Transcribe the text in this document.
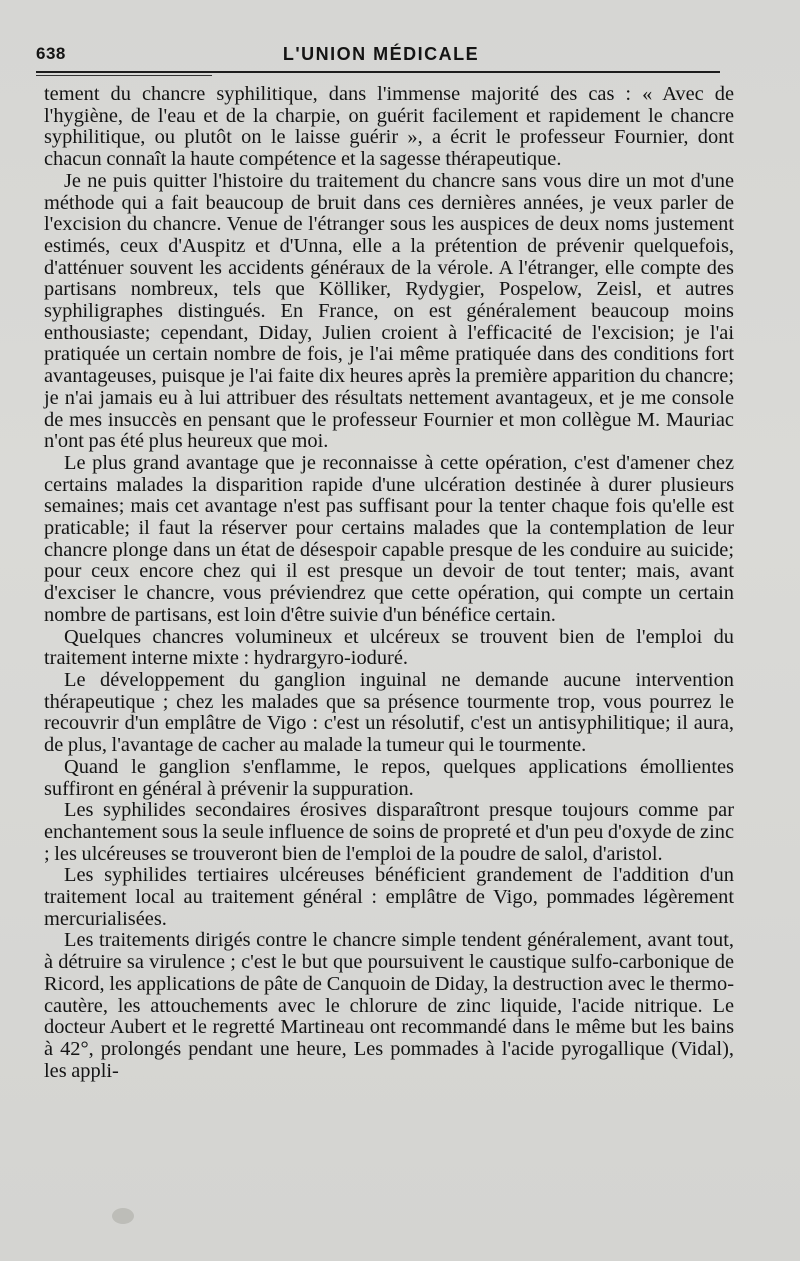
638	L'UNION MÉDICALE

tement du chancre syphilitique, dans l'immense majorité des cas : « Avec de l'hygiène, de l'eau et de la charpie, on guérit facilement et rapidement le chancre syphilitique, ou plutôt on le laisse guérir », a écrit le professeur Fournier, dont chacun connaît la haute compétence et la sagesse thérapeutique.

Je ne puis quitter l'histoire du traitement du chancre sans vous dire un mot d'une méthode qui a fait beaucoup de bruit dans ces dernières années, je veux parler de l'excision du chancre. Venue de l'étranger sous les auspices de deux noms justement estimés, ceux d'Auspitz et d'Unna, elle a la prétention de prévenir quelquefois, d'atténuer souvent les accidents généraux de la vérole. A l'étranger, elle compte des partisans nombreux, tels que Kölliker, Rydygier, Pospelow, Zeisl, et autres syphiligraphes distingués. En France, on est généralement beaucoup moins enthousiaste; cependant, Diday, Julien croient à l'efficacité de l'excision; je l'ai pratiquée un certain nombre de fois, je l'ai même pratiquée dans des conditions fort avantageuses, puisque je l'ai faite dix heures après la première apparition du chancre; je n'ai jamais eu à lui attribuer des résultats nettement avantageux, et je me console de mes insuccès en pensant que le professeur Fournier et mon collègue M. Mauriac n'ont pas été plus heureux que moi.

Le plus grand avantage que je reconnaisse à cette opération, c'est d'amener chez certains malades la disparition rapide d'une ulcération destinée à durer plusieurs semaines; mais cet avantage n'est pas suffisant pour la tenter chaque fois qu'elle est praticable; il faut la réserver pour certains malades que la contemplation de leur chancre plonge dans un état de désespoir capable presque de les conduire au suicide; pour ceux encore chez qui il est presque un devoir de tout tenter; mais, avant d'exciser le chancre, vous préviendrez que cette opération, qui compte un certain nombre de partisans, est loin d'être suivie d'un bénéfice certain.

Quelques chancres volumineux et ulcéreux se trouvent bien de l'emploi du traitement interne mixte : hydrargyro-ioduré.

Le développement du ganglion inguinal ne demande aucune intervention thérapeutique ; chez les malades que sa présence tourmente trop, vous pourrez le recouvrir d'un emplâtre de Vigo : c'est un résolutif, c'est un antisyphilitique; il aura, de plus, l'avantage de cacher au malade la tumeur qui le tourmente.

Quand le ganglion s'enflamme, le repos, quelques applications émollientes suffiront en général à prévenir la suppuration.

Les syphilides secondaires érosives disparaîtront presque toujours comme par enchantement sous la seule influence de soins de propreté et d'un peu d'oxyde de zinc ; les ulcéreuses se trouveront bien de l'emploi de la poudre de salol, d'aristol.

Les syphilides tertiaires ulcéreuses bénéficient grandement de l'addition d'un traitement local au traitement général : emplâtre de Vigo, pommades légèrement mercurialisées.

Les traitements dirigés contre le chancre simple tendent généralement, avant tout, à détruire sa virulence ; c'est le but que poursuivent le caustique sulfo-carbonique de Ricord, les applications de pâte de Canquoin de Diday, la destruction avec le thermo-cautère, les attouchements avec le chlorure de zinc liquide, l'acide nitrique. Le docteur Aubert et le regretté Martineau ont recommandé dans le même but les bains à 42°, prolongés pendant une heure, Les pommades à l'acide pyrogallique (Vidal), les appli-
